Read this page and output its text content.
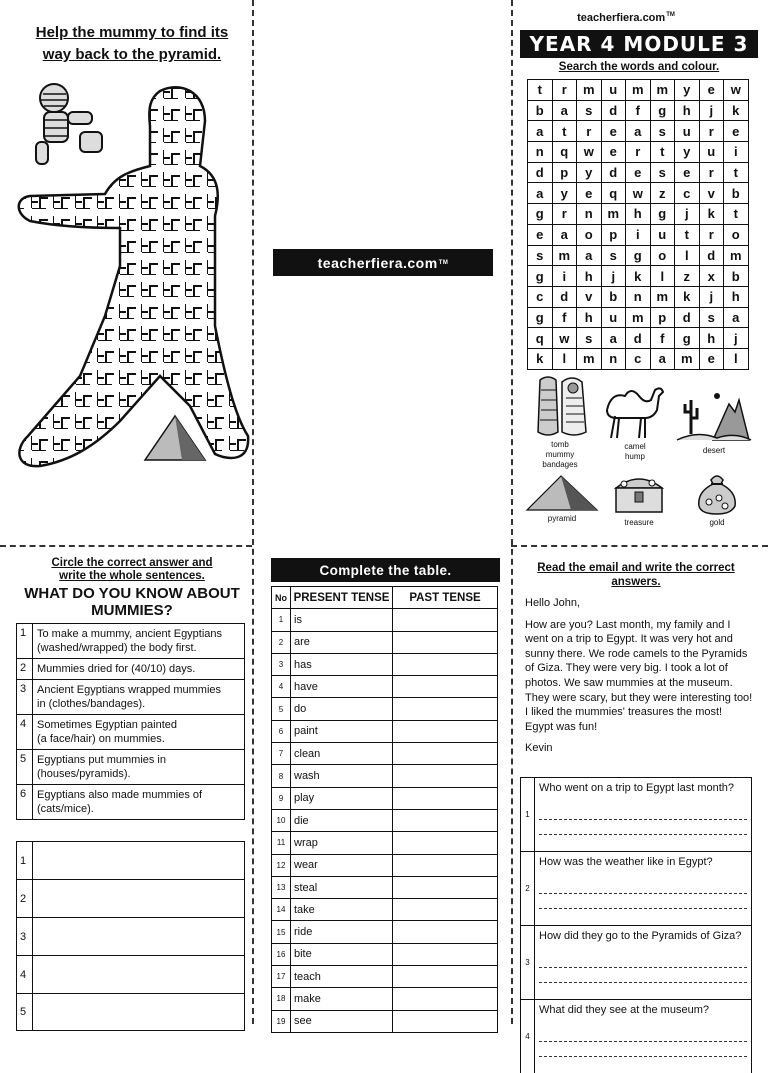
Help the mummy to find its
way back to the pyramid.
teacherfiera.com TM
teacherfiera.com™
YEAR 4 MODULE 3
Search the words and colour.
t	r	m	u	m m	y	e	w
b	a	s	d	f	g	h	j	k
a	t	r	e	a	s	u	r	e
n	q	w	e	r	t	y	u	i
d	p	y	d	e	s	e	r	t
a	y	e	q	w	z	c	v	b
g	r	n	m	h	g	j	k	t
e	a	o	p	i	u	t	r	o
s	m	a	s	g	o	l	d	m
g	i	h	j	k	l	z	x	b
c	d	v	b	n	m	k	j	h
g	f	h	u	m	p	d	s	a
q	w	s	a	d	f	g	h	j
k	l	m	n	c	a	m	e	l
tomb
mummy
bandages
camel
hump
desert
pyramid	treasure	gold
Circle the correct answer and
write the whole sentences.
WHAT DO YOU KNOW ABOUT
MUMMIES?
1 To make a mummy, ancient Egyptians
(washed/wrapped) the body first.
2 Mummies dried for (40/10) days.
3 Ancient Egyptians wrapped mummies
in (clothes/bandages).
4 Sometimes Egyptian painted
(a face/hair) on mummies.
5 Egyptians put mummies in
(houses/pyramids).
6 Egyptians also made mummies of
(cats/mice).
1
2
3
4
5
Complete the table.
No	PRESENT TENSE	PAST TENSE
1	is	
2	are	
3	has	
4	have	
5	do	
6	paint	
7	clean	
8	wash	
9	play	
10	die	
11	wrap	
12	wear	
13	steal	
14	take	
15	ride	
16	bite	
17	teach	
18	make	
19	see	
Read the email and write the correct
answers.

Hello John,

How are you? Last month, my family and I went on a trip to Egypt. It was very hot and sunny there. We rode camels to the Pyramids of Giza. They were very big. I took a lot of photos. We saw mummies at the museum. They were scary, but they were interesting too! I liked the mummies' treasures the most! Egypt was fun!

Kevin

1
Who went on a trip to Egypt last month?
2
How was the weather like in Egypt?
3
How did they go to the Pyramids of Giza?
4
What did they see at the museum?
